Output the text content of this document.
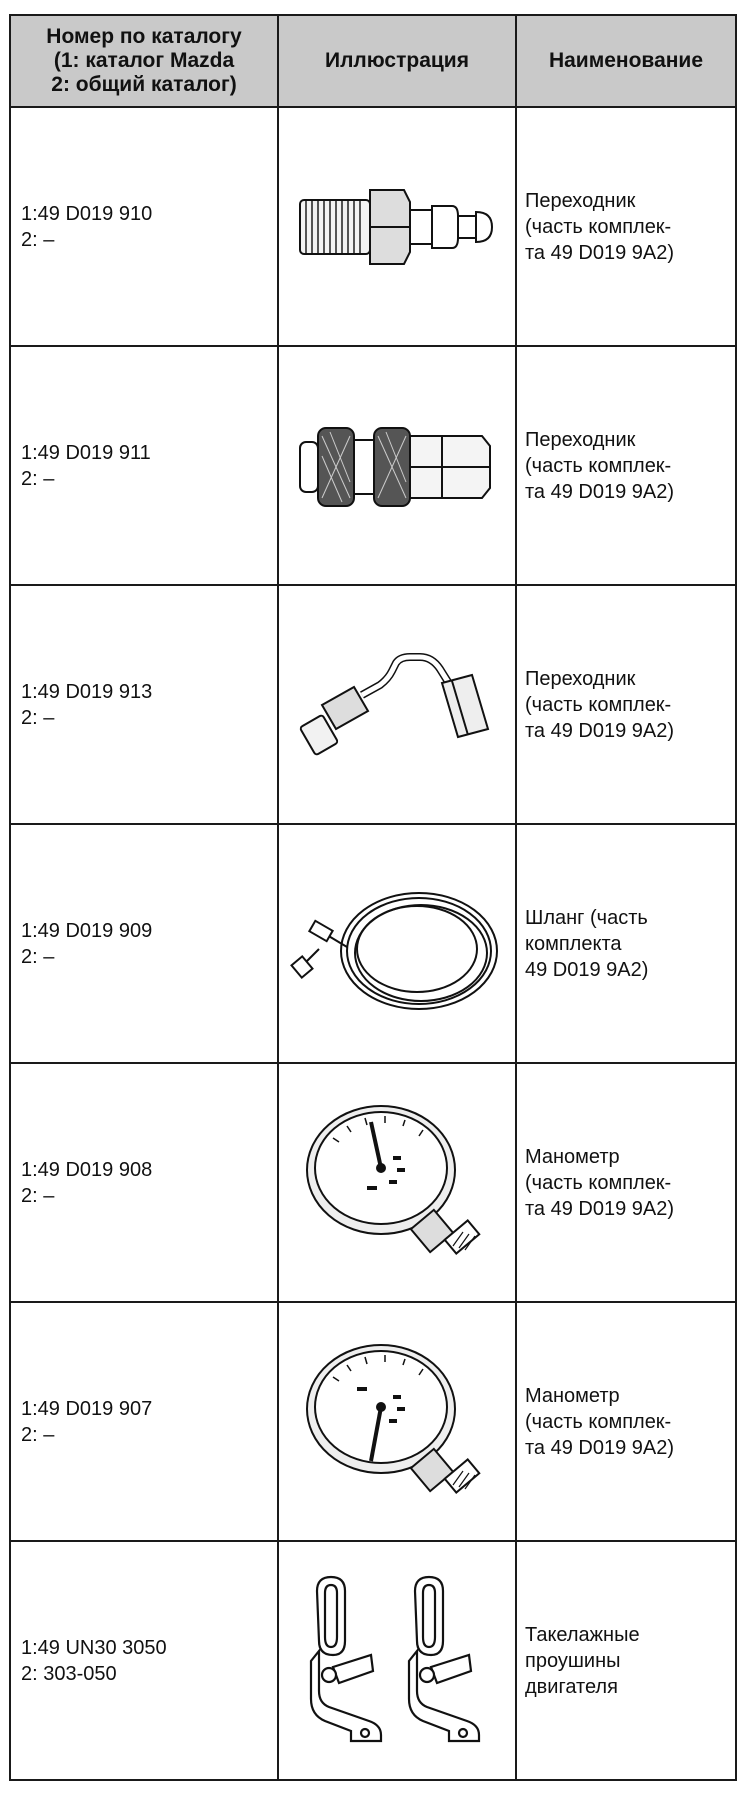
Номер по каталогу
(1: каталог Mazda
2: общий каталог)	Иллюстрация	Наименование

1:49 D019 910
2: –		Переходник
(часть комплек-
та 49 D019 9A2)

1:49 D019 911
2: –		Переходник
(часть комплек-
та 49 D019 9A2)

1:49 D019 913
2: –		Переходник
(часть комплек-
та 49 D019 9A2)

1:49 D019 909
2: –		Шланг (часть
комплекта
49 D019 9A2)

1:49 D019 908
2: –		Манометр
(часть комплек-
та 49 D019 9A2)

1:49 D019 907
2: –		Манометр
(часть комплек-
та 49 D019 9A2)

1:49 UN30 3050
2: 303-050		Такелажные
проушины
двигателя
